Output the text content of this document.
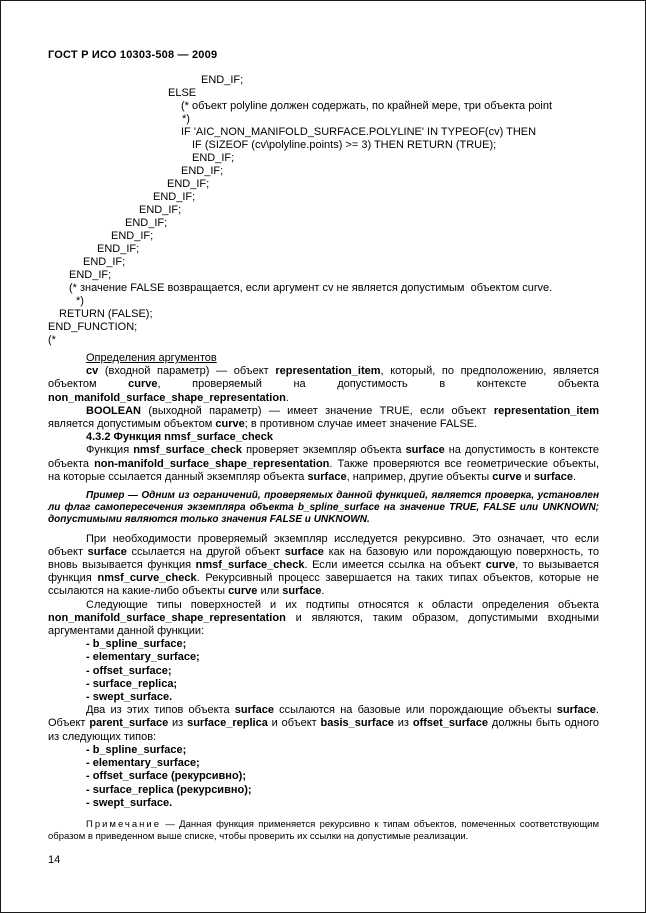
ГОСТ Р ИСО 10303-508 — 2009
END_IF;
ELSE
(* объект polyline должен содержать, по крайней мере, три объекта point
*)
IF 'AIC_NON_MANIFOLD_SURFACE.POLYLINE' IN TYPEOF(cv) THEN
IF (SIZEOF (cv\polyline.points) >= 3) THEN RETURN (TRUE);
END_IF;
END_IF;
END_IF;
END_IF;
END_IF;
END_IF;
END_IF;
END_IF;
END_IF;
END_IF;
(* значение FALSE возвращается, если аргумент cv не является допустимым  объектом curve.
*)
RETURN (FALSE);
END_FUNCTION;
(*
Определения аргументов
cv (входной параметр) — объект representation_item, который, по предположению, является объектом curve, проверяемый на допустимость в контексте объекта non_manifold_surface_shape_representation.
BOOLEAN (выходной параметр) — имеет значение TRUE, если объект representation_item является допустимым объектом curve; в противном случае имеет значение FALSE.
4.3.2 Функция nmsf_surface_check
Функция nmsf_surface_check проверяет экземпляр объекта surface на допустимость в контексте объекта non-manifold_surface_shape_representation. Также проверяются все геометрические объекты, на которые ссылается данный экземпляр объекта surface, например, другие объекты curve и surface.
Пример — Одним из ограничений, проверяемых данной функцией, является проверка, установлен ли флаг самопересечения экземпляра объекта b_spline_surface на значение TRUE, FALSE или UNKNOWN; допустимыми являются только значения FALSE и UNKNOWN.
При необходимости проверяемый экземпляр исследуется рекурсивно. Это означает, что если объект surface ссылается на другой объект surface как на базовую или порождающую поверхность, то вновь вызывается функция nmsf_surface_check. Если имеется ссылка на объект curve, то вызывается функция nmsf_curve_check. Рекурсивный процесс завершается на таких типах объектов, которые не ссылаются на какие-либо объекты curve или surface.
Следующие типы поверхностей и их подтипы относятся к области определения объекта non_manifold_surface_shape_representation и являются, таким образом, допустимыми входными аргументами данной функции:
- b_spline_surface;
- elementary_surface;
- offset_surface;
- surface_replica;
- swept_surface.
Два из этих типов объекта surface ссылаются на базовые или порождающие объекты surface. Объект parent_surface из surface_replica и объект basis_surface из offset_surface должны быть одного из следующих типов:
- b_spline_surface;
- elementary_surface;
- offset_surface (рекурсивно);
- surface_replica (рекурсивно);
- swept_surface.
Примечание — Данная функция применяется рекурсивно к типам объектов, помеченных соответствующим образом в приведенном выше списке, чтобы проверить их ссылки на допустимые реализации.
14
